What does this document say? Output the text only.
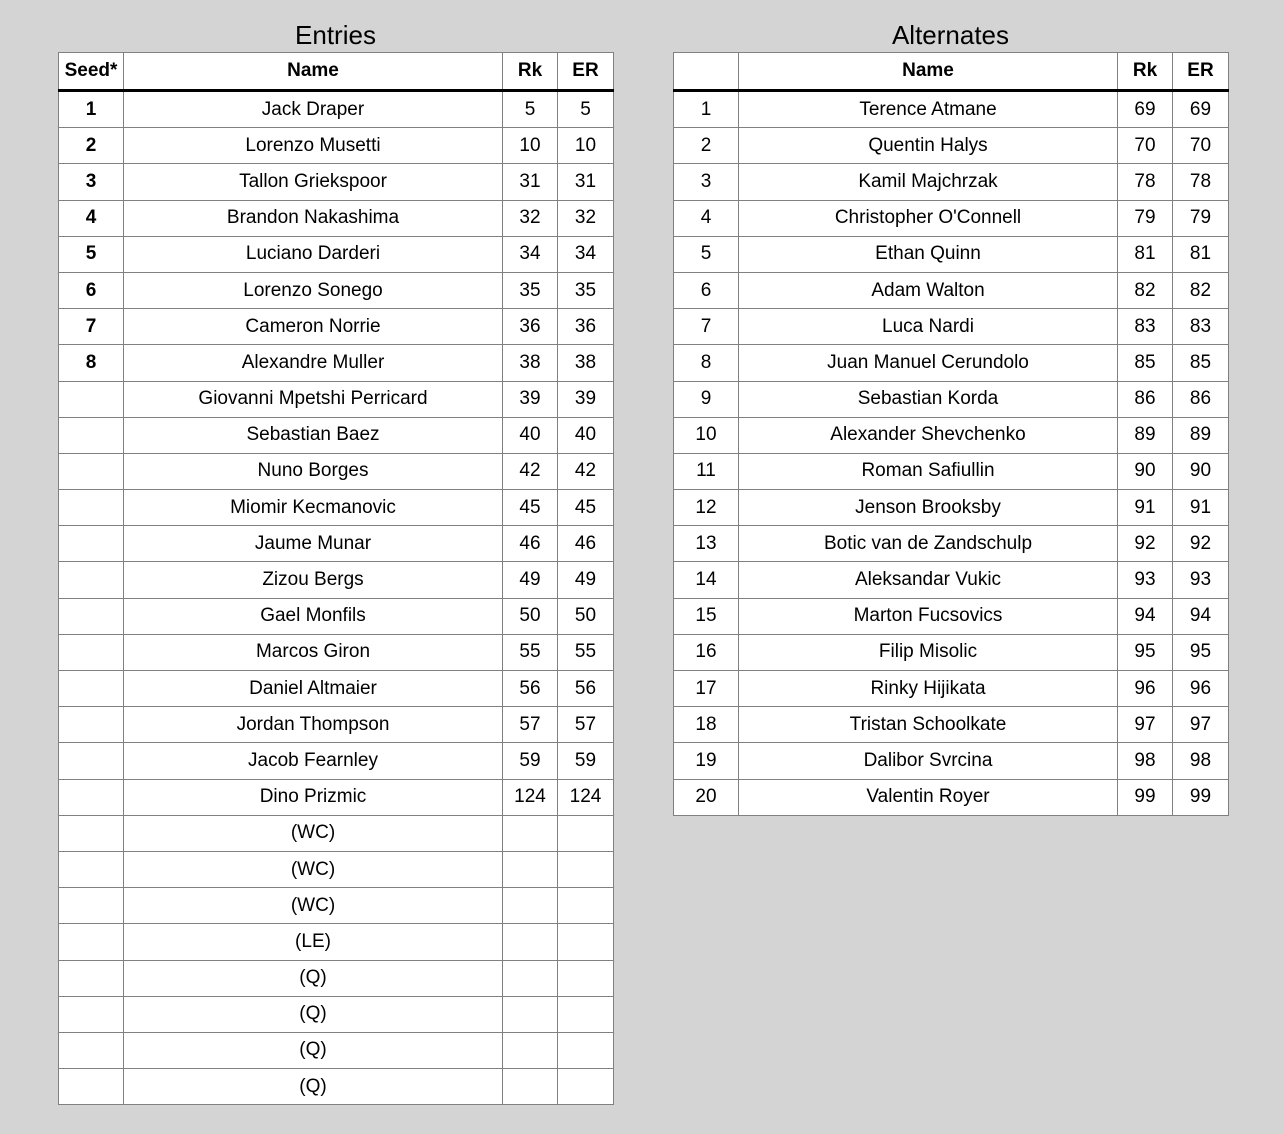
Entries
Seed*	Name	Rk	ER
1	Jack Draper	5	5
2	Lorenzo Musetti	10	10
3	Tallon Griekspoor	31	31
4	Brandon Nakashima	32	32
5	Luciano Darderi	34	34
6	Lorenzo Sonego	35	35
7	Cameron Norrie	36	36
8	Alexandre Muller	38	38
	Giovanni Mpetshi Perricard	39	39
	Sebastian Baez	40	40
	Nuno Borges	42	42
	Miomir Kecmanovic	45	45
	Jaume Munar	46	46
	Zizou Bergs	49	49
	Gael Monfils	50	50
	Marcos Giron	55	55
	Daniel Altmaier	56	56
	Jordan Thompson	57	57
	Jacob Fearnley	59	59
	Dino Prizmic	124	124
	(WC)		
	(WC)		
	(WC)		
	(LE)		
	(Q)		
	(Q)		
	(Q)		
	(Q)		
Alternates
	Name	Rk	ER
1	Terence Atmane	69	69
2	Quentin Halys	70	70
3	Kamil Majchrzak	78	78
4	Christopher O'Connell	79	79
5	Ethan Quinn	81	81
6	Adam Walton	82	82
7	Luca Nardi	83	83
8	Juan Manuel Cerundolo	85	85
9	Sebastian Korda	86	86
10	Alexander Shevchenko	89	89
11	Roman Safiullin	90	90
12	Jenson Brooksby	91	91
13	Botic van de Zandschulp	92	92
14	Aleksandar Vukic	93	93
15	Marton Fucsovics	94	94
16	Filip Misolic	95	95
17	Rinky Hijikata	96	96
18	Tristan Schoolkate	97	97
19	Dalibor Svrcina	98	98
20	Valentin Royer	99	99
